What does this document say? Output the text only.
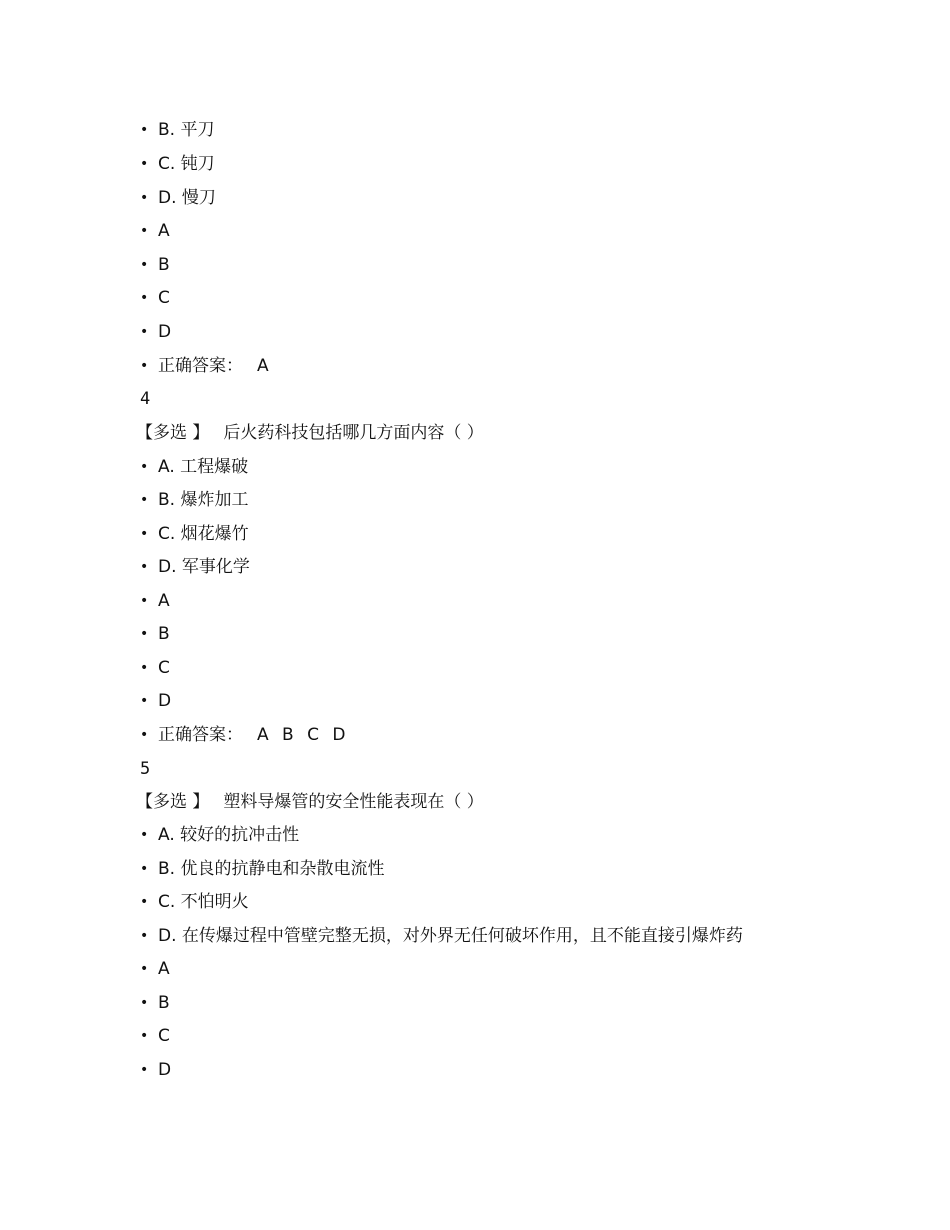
• B. 平刀
• C. 钝刀
• D. 慢刀
• A
• B
• C
• D
• 正确答案： A
4
【多选 】 后火药科技包括哪几方面内容（ ）
• A. 工程爆破
• B. 爆炸加工
• C. 烟花爆竹
• D. 军事化学
• A
• B
• C
• D
• 正确答案： A B C D
5
【多选 】 塑料导爆管的安全性能表现在（ ）
• A. 较好的抗冲击性
• B. 优良的抗静电和杂散电流性
• C. 不怕明火
• D. 在传爆过程中管壁完整无损，对外界无任何破坏作用，且不能直接引爆炸药
• A
• B
• C
• D
